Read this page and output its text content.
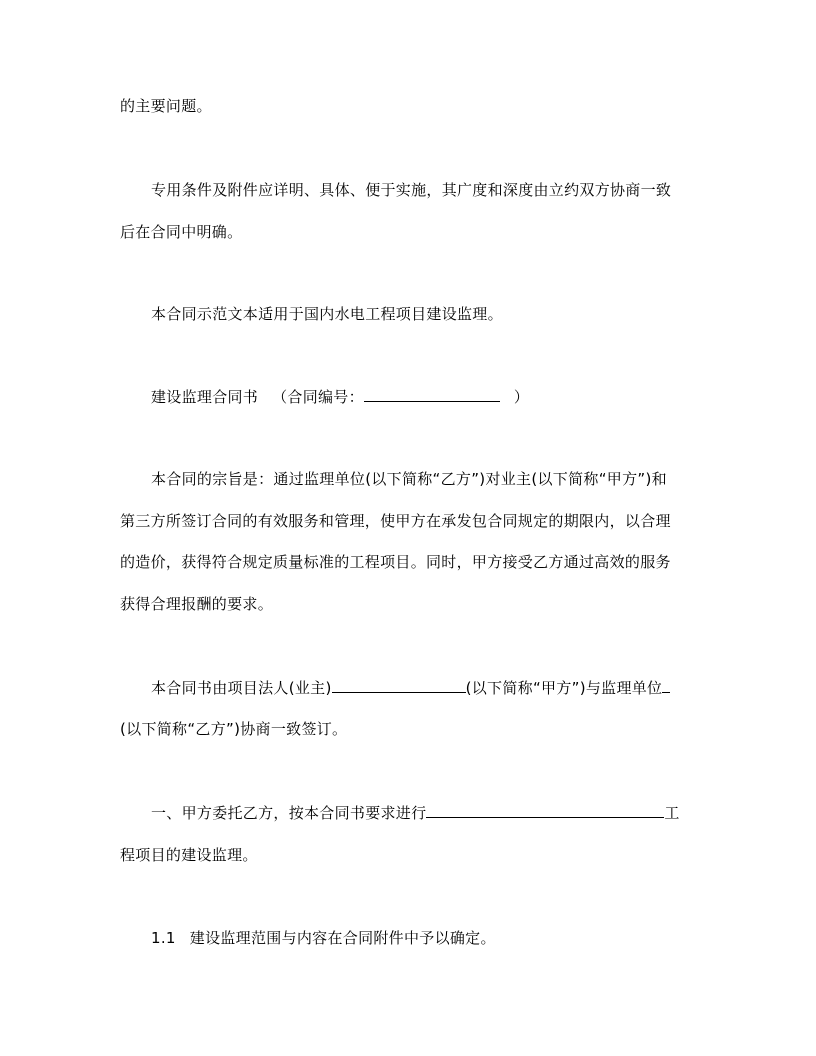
的主要问题。
专用条件及附件应详明、具体、便于实施，其广度和深度由立约双方协商一致
后在合同中明确。
本合同示范文本适用于国内水电工程项目建设监理。
建设监理合同书 （合同编号：	）
本合同的宗旨是：通过监理单位(以下简称“乙方”)对业主(以下简称“甲方”)和
第三方所签订合同的有效服务和管理，使甲方在承发包合同规定的期限内，以合理
的造价，获得符合规定质量标准的工程项目。同时，甲方接受乙方通过高效的服务
获得合理报酬的要求。
本合同书由项目法人(业主)	(以下简称“甲方”)与监理单位
(以下简称“乙方”)协商一致签订。
一、甲方委托乙方，按本合同书要求进行	工
程项目的建设监理。
1.1 建设监理范围与内容在合同附件中予以确定。
